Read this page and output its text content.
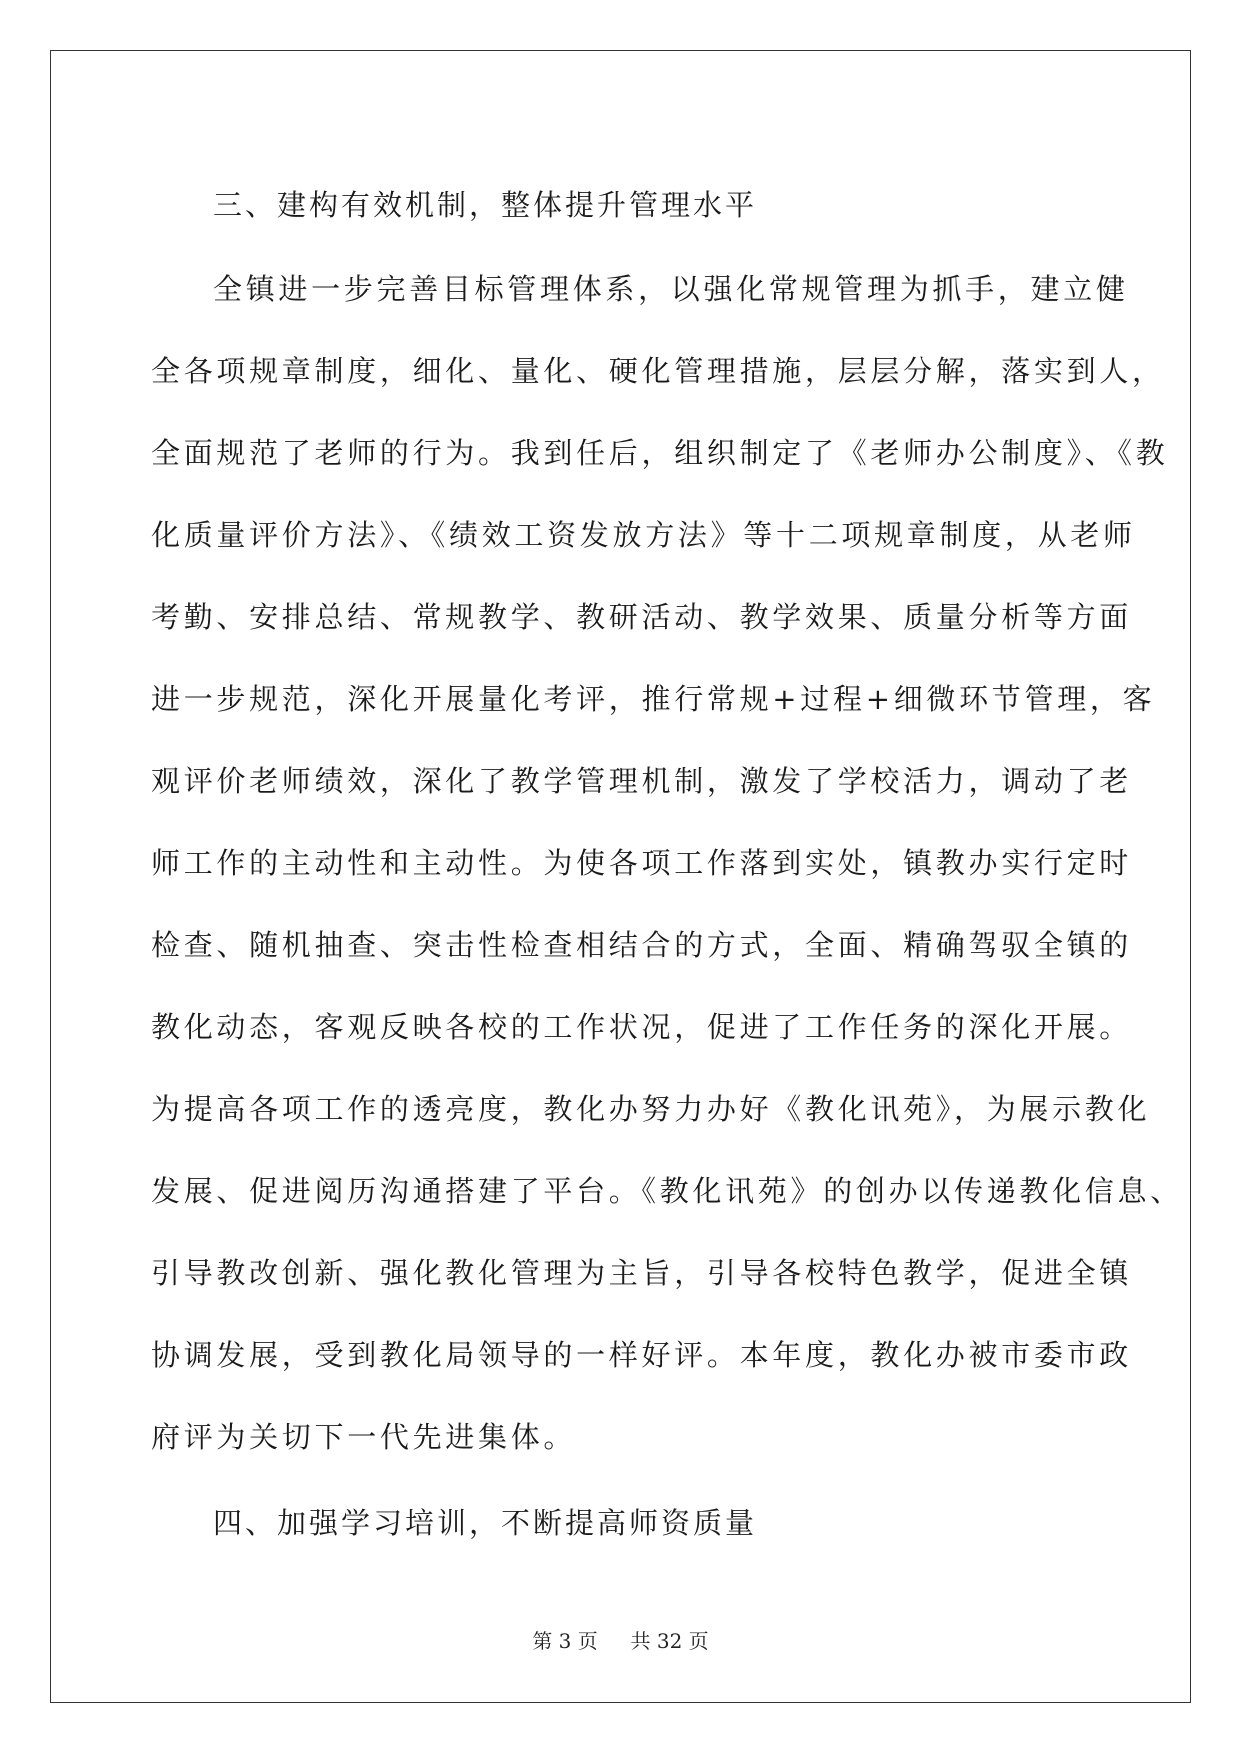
三、建构有效机制，整体提升管理水平
全镇进一步完善目标管理体系，以强化常规管理为抓手，建立健
全各项规章制度，细化、量化、硬化管理措施，层层分解，落实到人，
全面规范了老师的行为。我到任后，组织制定了《老师办公制度》、《教
化质量评价方法》、《绩效工资发放方法》等十二项规章制度，从老师
考勤、安排总结、常规教学、教研活动、教学效果、质量分析等方面
进一步规范，深化开展量化考评，推行常规+过程+细微环节管理，客
观评价老师绩效，深化了教学管理机制，激发了学校活力，调动了老
师工作的主动性和主动性。为使各项工作落到实处，镇教办实行定时
检查、随机抽查、突击性检查相结合的方式，全面、精确驾驭全镇的
教化动态，客观反映各校的工作状况，促进了工作任务的深化开展。
为提高各项工作的透亮度，教化办努力办好《教化讯苑》，为展示教化
发展、促进阅历沟通搭建了平台。《教化讯苑》的创办以传递教化信息、
引导教改创新、强化教化管理为主旨，引导各校特色教学，促进全镇
协调发展，受到教化局领导的一样好评。本年度，教化办被市委市政
府评为关切下一代先进集体。
四、加强学习培训，不断提高师资质量
第 3 页 共 32 页
